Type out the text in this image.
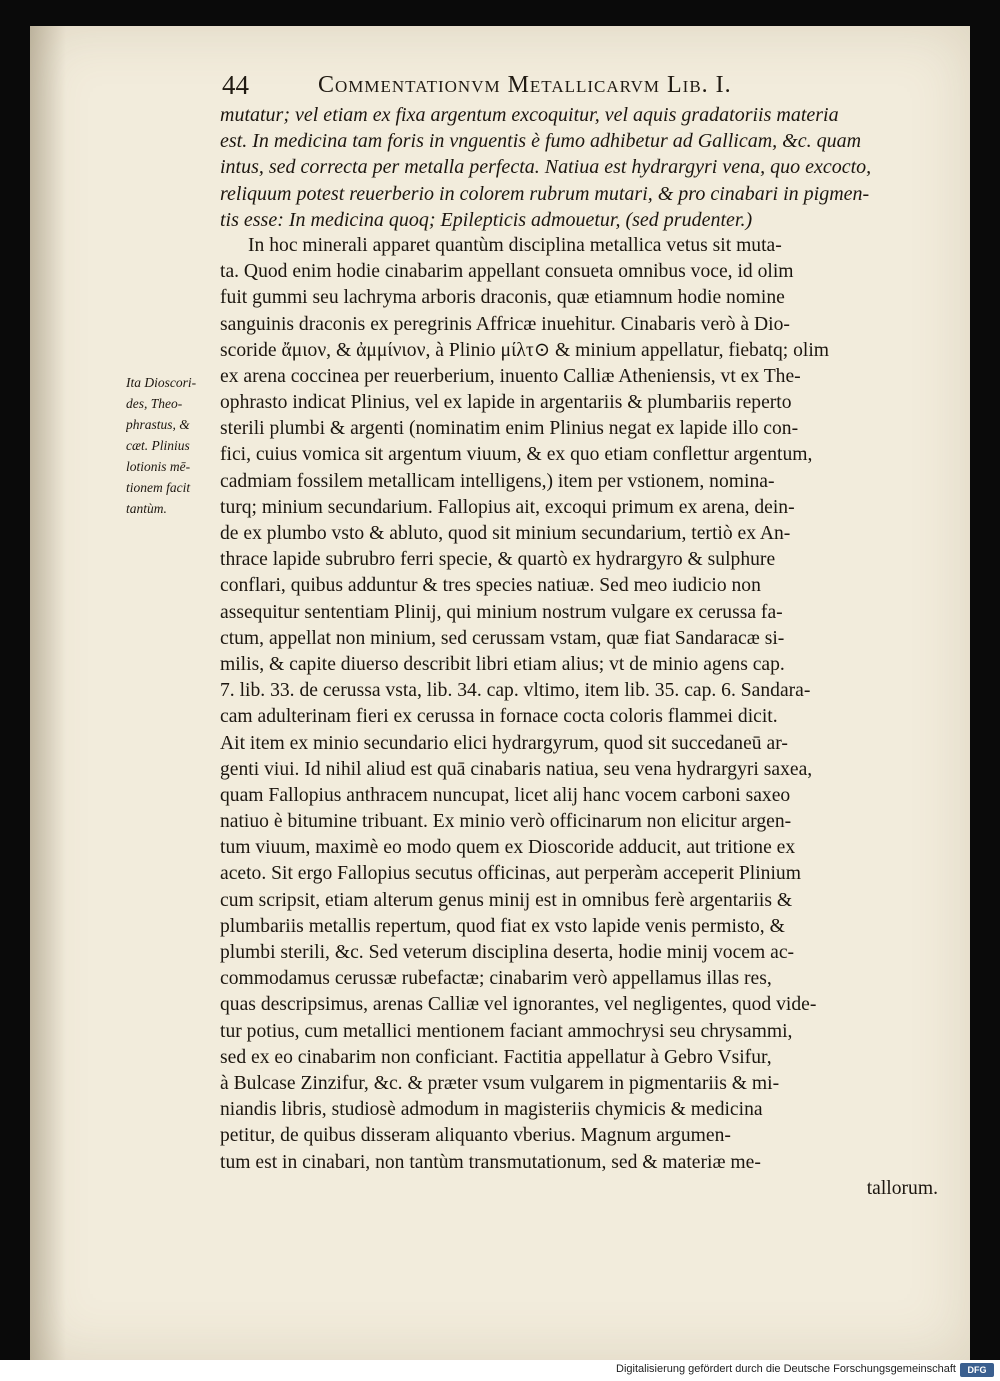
44	Commentationvm Metallicarvm Lib. I.
Ita Dioscori-
des, Theo-
phrastus, &
cæt. Plinius
lotionis mē-
tionem facit
tantùm.
mutatur; vel etiam ex fixa argentum excoquitur, vel aquis gradatoriis materia
est. In medicina tam foris in vnguentis è fumo adhibetur ad Gallicam, &c. quam
intus, sed correcta per metalla perfecta. Natiua est hydrargyri vena, quo excocto,
reliquum potest reuerberio in colorem rubrum mutari, & pro cinabari in pigmen-
tis esse: In medicina quoq; Epilepticis admouetur, (sed prudenter.)
In hoc minerali apparet quantùm disciplina metallica vetus sit muta-
ta. Quod enim hodie cinabarim appellant consueta omnibus voce, id olim
fuit gummi seu lachryma arboris draconis, quæ etiamnum hodie nomine
sanguinis draconis ex peregrinis Affricæ inuehitur. Cinabaris verò à Dio-
scoride ἄμιον, & ἀμμίνιον, à Plinio μίλτ⊙ & minium appellatur, fiebatq; olim
ex arena coccinea per reuerberium, inuento Calliæ Atheniensis, vt ex The-
ophrasto indicat Plinius, vel ex lapide in argentariis & plumbariis reperto
sterili plumbi & argenti (nominatim enim Plinius negat ex lapide illo con-
fici, cuius vomica sit argentum viuum, & ex quo etiam conflettur argentum,
cadmiam fossilem metallicam intelligens,) item per vstionem, nomina-
turq; minium secundarium. Fallopius ait, excoqui primum ex arena, dein-
de ex plumbo vsto & abluto, quod sit minium secundarium, tertiò ex An-
thrace lapide subrubro ferri specie, & quartò ex hydrargyro & sulphure
conflari, quibus adduntur & tres species natiuæ. Sed meo iudicio non
assequitur sententiam Plinij, qui minium nostrum vulgare ex cerussa fa-
ctum, appellat non minium, sed cerussam vstam, quæ fiat Sandaracæ si-
milis, & capite diuerso describit libri etiam alius; vt de minio agens cap.
7. lib. 33. de cerussa vsta, lib. 34. cap. vltimo, item lib. 35. cap. 6. Sandara-
cam adulterinam fieri ex cerussa in fornace cocta coloris flammei dicit.
Ait item ex minio secundario elici hydrargyrum, quod sit succedaneū ar-
genti viui. Id nihil aliud est quā cinabaris natiua, seu vena hydrargyri saxea,
quam Fallopius anthracem nuncupat, licet alij hanc vocem carboni saxeo
natiuo è bitumine tribuant. Ex minio verò officinarum non elicitur argen-
tum viuum, maximè eo modo quem ex Dioscoride adducit, aut tritione ex
aceto. Sit ergo Fallopius secutus officinas, aut perperàm acceperit Plinium
cum scripsit, etiam alterum genus minij est in omnibus ferè argentariis &
plumbariis metallis repertum, quod fiat ex vsto lapide venis permisto, &
plumbi sterili, &c. Sed veterum disciplina deserta, hodie minij vocem ac-
commodamus cerussæ rubefactæ; cinabarim verò appellamus illas res,
quas descripsimus, arenas Calliæ vel ignorantes, vel negligentes, quod vide-
tur potius, cum metallici mentionem faciant ammochrysi seu chrysammi,
sed ex eo cinabarim non conficiant. Factitia appellatur à Gebro Vsifur,
à Bulcase Zinzifur, &c. & præter vsum vulgarem in pigmentariis & mi-
niandis libris, studiosè admodum in magisteriis chymicis & medicina
petitur, de quibus disseram aliquanto vberius. Magnum argumen-
tum est in cinabari, non tantùm transmutationum, sed & materiæ me-
tallorum.
Digitalisierung gefördert durch die Deutsche Forschungsgemeinschaft	DFG
